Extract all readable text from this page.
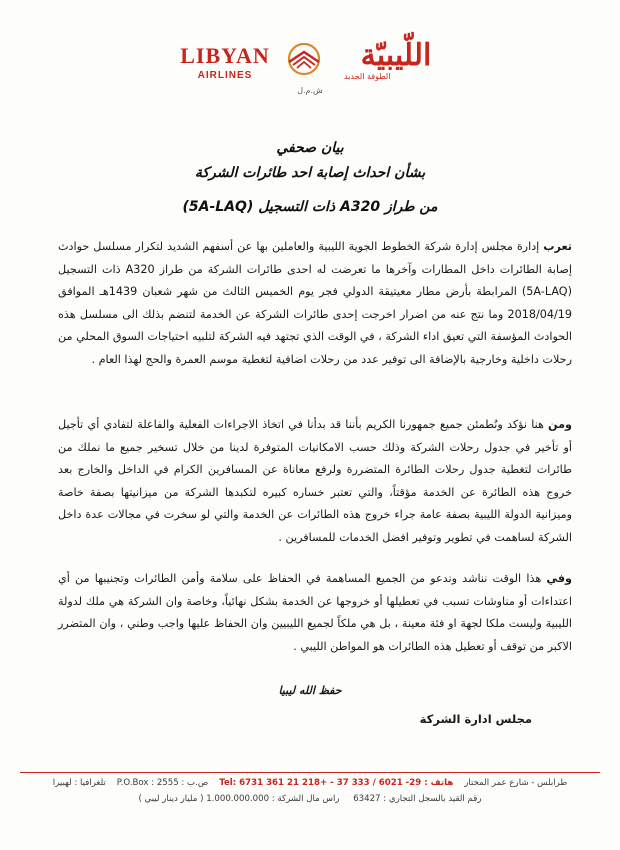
LIBYAN
AIRLINES
ش.م.ل
اللّيبيّة
الطوفة الجديد
بيان صحفي
بشأن احداث إصابة احد طائرات الشركة
من طراز A320 ذات التسجيل (5A-LAQ)
تعرب إدارة مجلس إدارة شركة الخطوط الجوية الليبية والعاملين بها عن أسفهم الشديد لتكرار مسلسل حوادث إصابة الطائرات داخل المطارات وآخرها ما تعرضت له احدى طائرات الشركة من طراز A320 ذات التسجيل (5A-LAQ) المرابطة بأرض مطار معيتيقة الدولي فجر يوم الخميس الثالث من شهر شعبان 1439هـ الموافق 2018/04/19 وما نتج عنه من اضرار اخرجت إحدى طائرات الشركة عن الخدمة لتنضم بذلك الى مسلسل هذه الحوادث المؤسفة التي تعيق اداء الشركة ، في الوقت الذي تجتهد فيه الشركة لتلبيه احتياجات السوق المحلي من رحلات داخلية وخارجية بالإضافة الى توفير عدد من رحلات اضافية لتغطية موسم العمرة والحج لهذا العام .
ومن هنا نؤكد ونُطمئن جميع جمهورنا الكريم بأننا قد بدأنا في اتخاذ الاجراءات الفعلية والفاعلة لتفادي أي تأجيل أو تأخير في جدول رحلات الشركة وذلك حسب الامكانيات المتوفرة لدينا من خلال تسخير جميع ما نملك من طائرات لتغطية جدول رحلات الطائرة المتضررة ولرفع معاناة عن المسافرين الكرام في الداخل والخارج بعد خروج هذه الطائرة عن الخدمة مؤقتاً، والتي تعتبر خساره كبيره لتكبدها الشركة من ميزانيتها بصفة خاصة وميزانية الدولة الليبية بصفة عامة جراء خروج هذه الطائرات عن الخدمة والتي لو سخرت في مجالات عدة داخل الشركة لساهمت في تطوير وتوفير افضل الخدمات للمسافرين .
وفي هذا الوقت نناشد وندعو من الجميع المساهمة في الحفاظ على سلامة وأمن الطائرات وتجنيبها من أي اعتداءات أو مناوشات تسبب في تعطيلها أو خروجها عن الخدمة بشكل نهائياً، وخاصة وان الشركة هي ملك لدولة الليبية وليست ملكا لجهة او فئة معينة ، بل هي ملكاً لجميع الليبيين وان الحفاظ عليها واجب وطني ، وان المتضرر الاكبر من توقف أو تعطيل هذه الطائرات هو المواطن الليبي .
حفظ الله ليبيا
مجلس ادارة الشركة
طرابلس - شارع عمر المختار    هاتف : 29- 6021 / 333 37 - +218 21 361 6731 :Tel    ص.ب : 2555 : P.O.Box    تلغرافيا : لهبيرا
رقم القيد بالسجل التجاري : 63427     راس مال الشركة : 1.000.000.000 ( مليار دينار ليبي )
